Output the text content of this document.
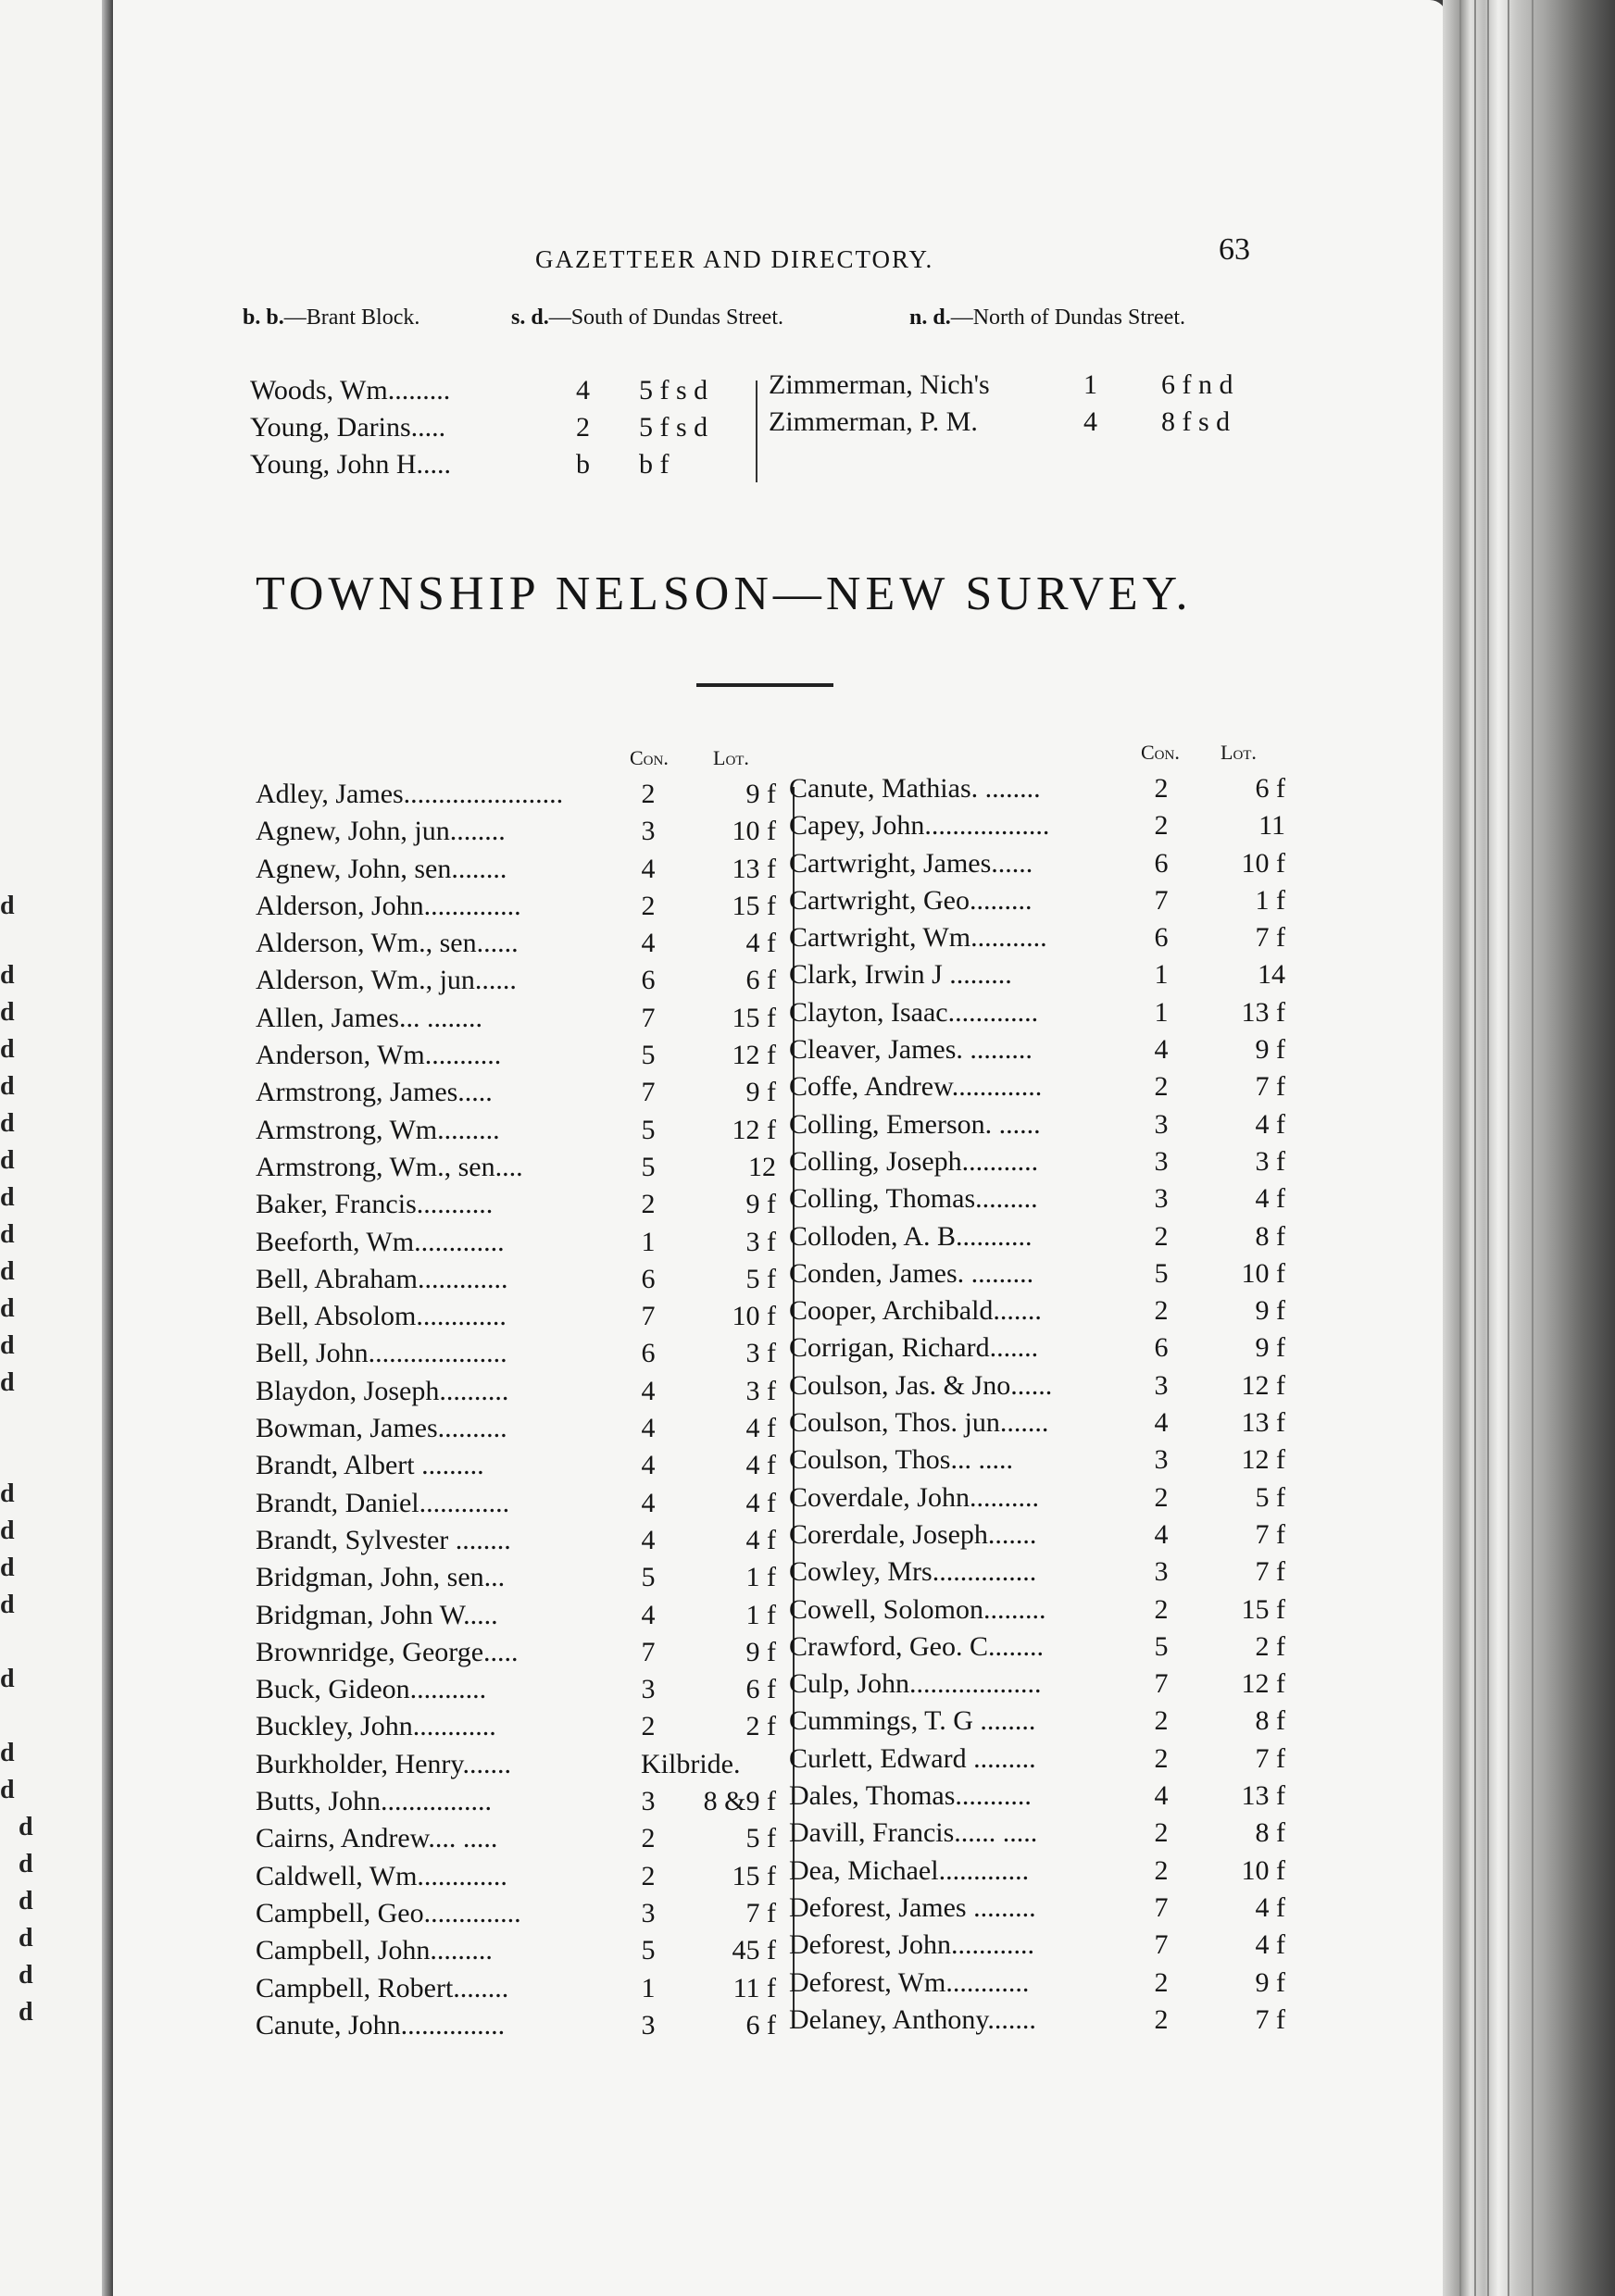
d
d
d
d
d
d
d
d
d
d
d
d
d
d
d
d
d
d
d
d
d
d
d
d
d
d
GAZETTEER AND DIRECTORY.	63
b. b.—Brant Block.	s. d.—South of Dundas Street.	n. d.—North of Dundas Street.
Woods, Wm.........	4 5 f s d
Young, Darins.....	2 5 f s d
Young, John H.....	b b f
Zimmerman, Nich's	1 6 f n d
Zimmerman, P. M.	4 8 f s d
TOWNSHIP NELSON—NEW SURVEY.
Con. Lot.	Con. Lot.
Adley, James.......................	2	9 f
Agnew, John, jun........	3	10 f
Agnew, John, sen........	4	13 f
Alderson, John..............	2	15 f
Alderson, Wm., sen......	4	4 f
Alderson, Wm., jun......	6	6 f
Allen, James... ........	7	15 f
Anderson, Wm...........	5	12 f
Armstrong, James.....	7	9 f
Armstrong, Wm.........	5	12 f
Armstrong, Wm., sen....	5	12
Baker, Francis...........	2	9 f
Beeforth, Wm.............	1	3 f
Bell, Abraham.............	6	5 f
Bell, Absolom.............	7	10 f
Bell, John....................	6	3 f
Blaydon, Joseph..........	4	3 f
Bowman, James..........	4	4 f
Brandt, Albert .........	4	4 f
Brandt, Daniel.............	4	4 f
Brandt, Sylvester ........	4	4 f
Bridgman, John, sen...	5	1 f
Bridgman, John W.....	4	1 f
Brownridge, George.....	7	9 f
Buck, Gideon...........	3	6 f
Buckley, John............	2	2 f
Burkholder, Henry.......	Kilbride.
Butts, John................	3	8 &9 f
Cairns, Andrew.... .....	2	5 f
Caldwell, Wm.............	2	15 f
Campbell, Geo..............	3	7 f
Campbell, John.........	5	45 f
Campbell, Robert........	1	11 f
Canute, John...............	3	6 f
Canute, Mathias. ........	2	6 f
Capey, John..................	2	11
Cartwright, James......	6	10 f
Cartwright, Geo.........	7	1 f
Cartwright, Wm...........	6	7 f
Clark, Irwin J .........	1	14
Clayton, Isaac.............	1	13 f
Cleaver, James. .........	4	9 f
Coffe, Andrew.............	2	7 f
Colling, Emerson. ......	3	4 f
Colling, Joseph...........	3	3 f
Colling, Thomas.........	3	4 f
Colloden, A. B...........	2	8 f
Conden, James. .........	5	10 f
Cooper, Archibald.......	2	9 f
Corrigan, Richard.......	6	9 f
Coulson, Jas. & Jno......	3	12 f
Coulson, Thos. jun.......	4	13 f
Coulson, Thos... .....	3	12 f
Coverdale, John..........	2	5 f
Corerdale, Joseph.......	4	7 f
Cowley, Mrs...............	3	7 f
Cowell, Solomon.........	2	15 f
Crawford, Geo. C........	5	2 f
Culp, John...................	7	12 f
Cummings, T. G ........	2	8 f
Curlett, Edward .........	2	7 f
Dales, Thomas...........	4	13 f
Davill, Francis...... .....	2	8 f
Dea, Michael.............	2	10 f
Deforest, James .........	7	4 f
Deforest, John............	7	4 f
Deforest, Wm............	2	9 f
Delaney, Anthony.......	2	7 f
